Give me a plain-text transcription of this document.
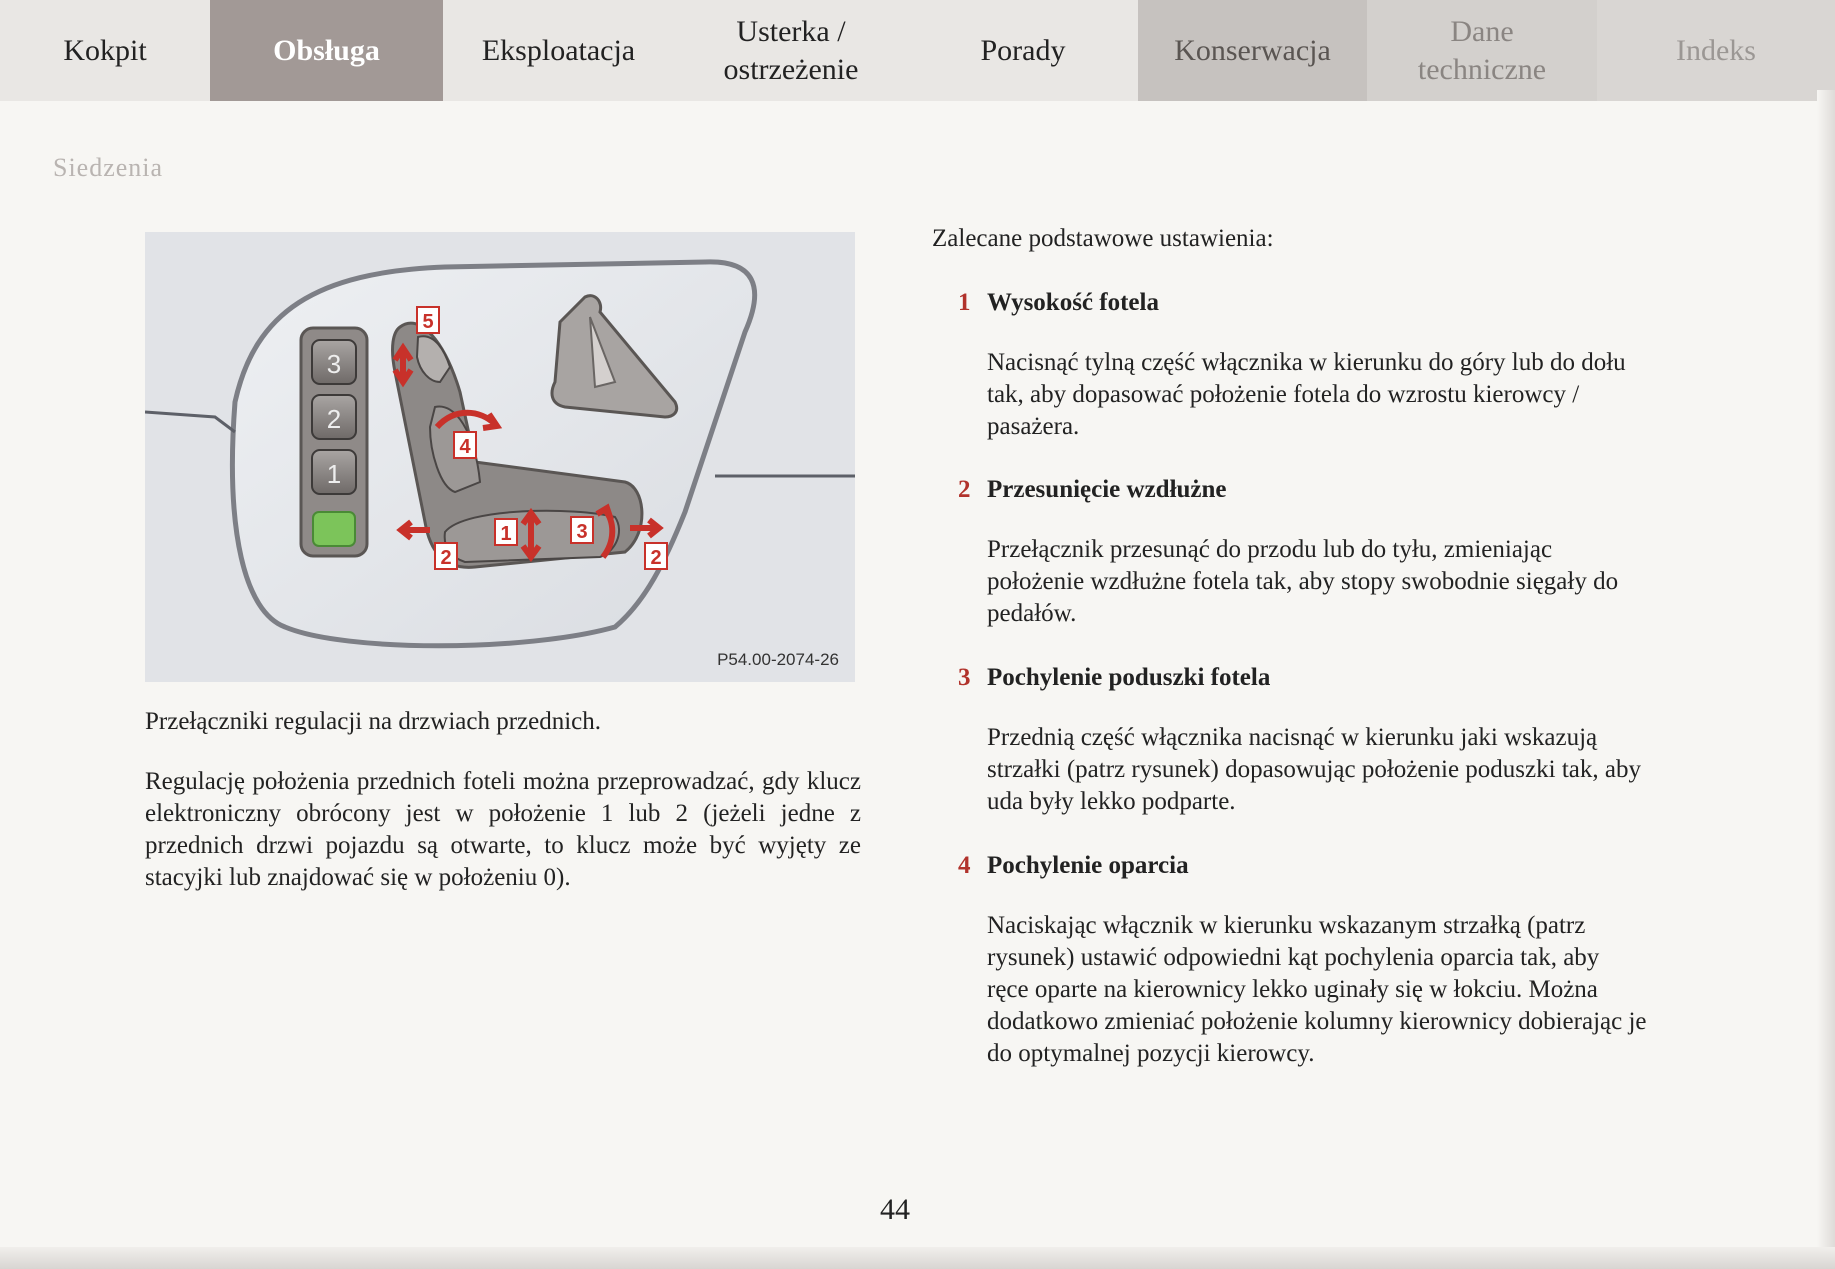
Kokpit	Obsługa	Eksploatacja
Usterka /
ostrzeżenie
Porady	Konserwacja
Dane
techniczne
Indeks
Siedzenia
3
2
1
5
4
1	3
2	2
P54.00-2074-26
Przełączniki regulacji na drzwiach przednich.
Regulację położenia przednich foteli można przeprowadzać, gdy klucz elektroniczny obrócony jest w położenie 1 lub 2 (jeżeli jedne z przednich drzwi pojazdu są otwarte, to klucz może być wyjęty ze stacyjki lub znajdować się w położeniu 0).
Zalecane podstawowe ustawienia:
1 Wysokość fotela
Nacisnąć tylną część włącznika w kierunku do góry lub do dołu tak, aby dopasować położenie fotela do wzrostu kierowcy / pasażera.
2 Przesunięcie wzdłużne
Przełącznik przesunąć do przodu lub do tyłu, zmieniając położenie wzdłużne fotela tak, aby stopy swobodnie sięgały do pedałów.
3 Pochylenie poduszki fotela
Przednią część włącznika nacisnąć w kierunku jaki wskazują strzałki (patrz rysunek) dopasowując położenie poduszki tak, aby uda były lekko podparte.
4 Pochylenie oparcia
Naciskając włącznik w kierunku wskazanym strzałką (patrz rysunek) ustawić odpowiedni kąt pochylenia oparcia tak, aby ręce oparte na kierownicy lekko uginały się w łokciu. Można dodatkowo zmieniać położenie kolumny kierownicy dobierając je do optymalnej pozycji kierowcy.
44
